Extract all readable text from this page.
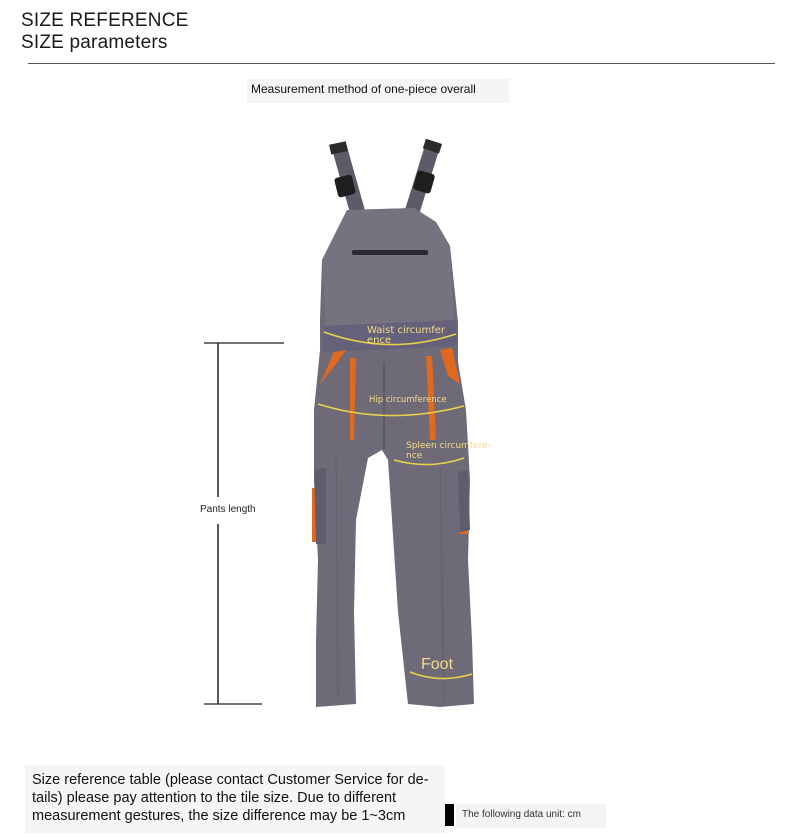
SIZE REFERENCE
SIZE parameters
Measurement method of one-piece overall
Pants length
Waist circumfer
ence
Hip circumference
Spleen circumfere-
nce
Foot
Size reference table (please contact Customer Service for de-tails) please pay attention to the tile size. Due to different measurement gestures, the size difference may be 1~3cm	The following data unit: cm
